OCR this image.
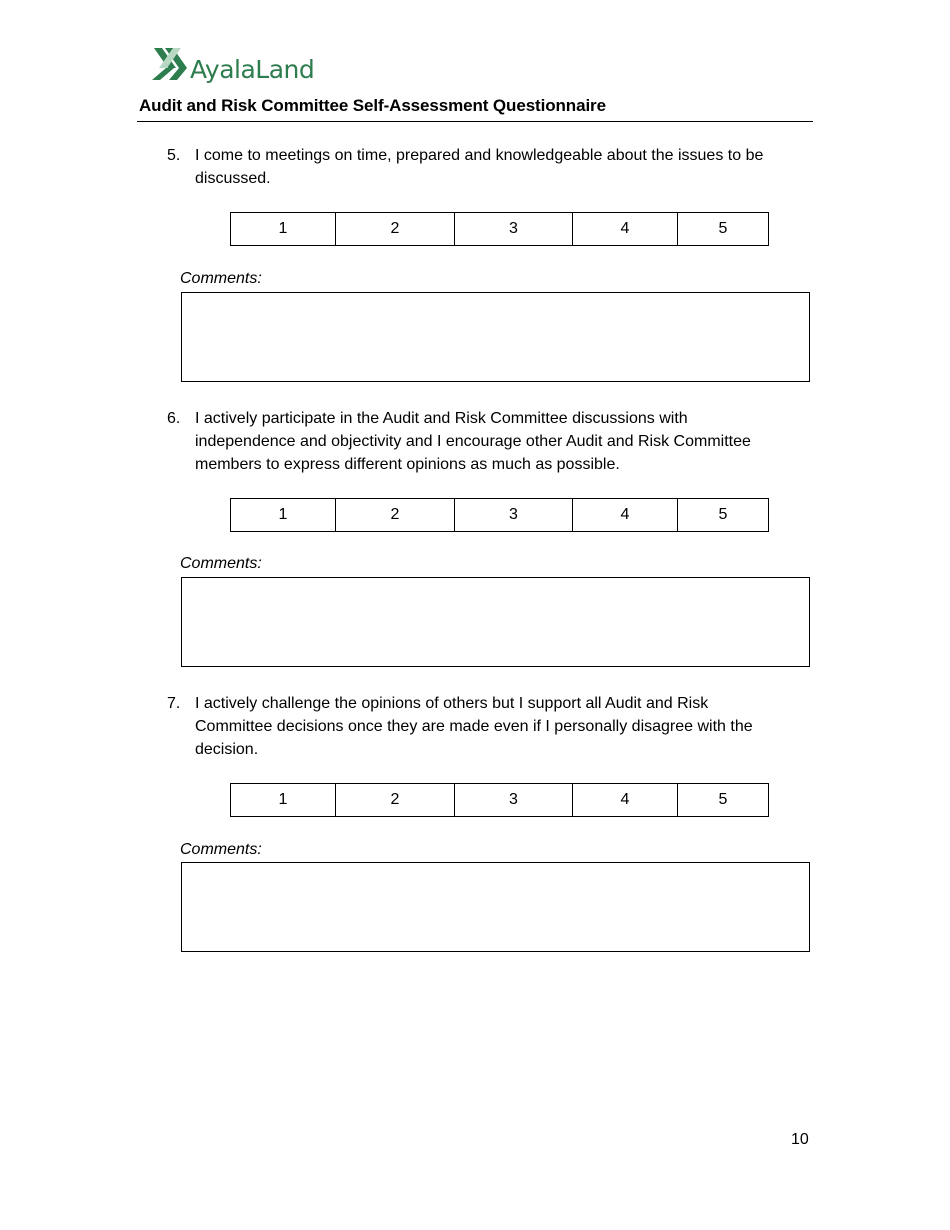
AyalaLand
Audit and Risk Committee Self-Assessment Questionnaire
5. I come to meetings on time, prepared and knowledgeable about the issues to be
discussed.
1	2	3	4	5
Comments:
6. I actively participate in the Audit and Risk Committee discussions with
independence and objectivity and I encourage other Audit and Risk Committee
members to express different opinions as much as possible.
1	2	3	4	5
Comments:
7. I actively challenge the opinions of others but I support all Audit and Risk
Committee decisions once they are made even if I personally disagree with the
decision.
1	2	3	4	5
Comments:
10
